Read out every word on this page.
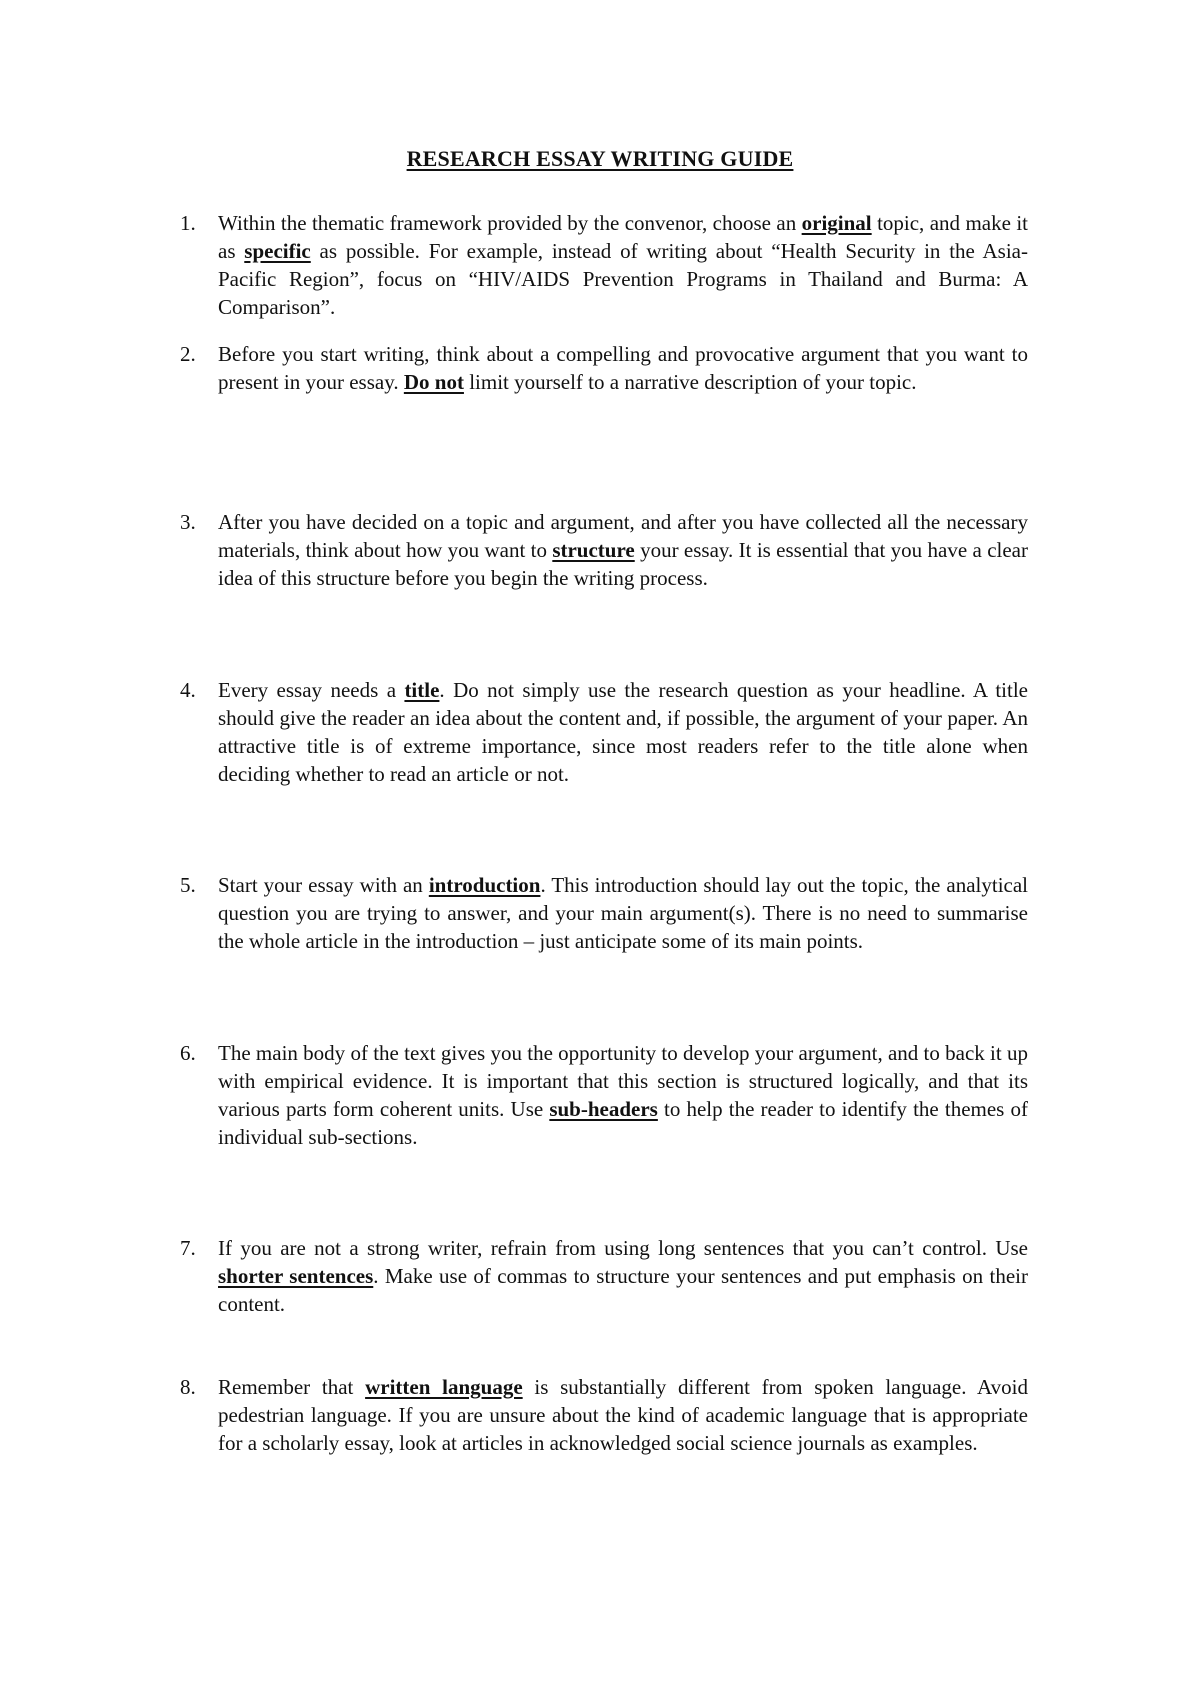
RESEARCH ESSAY WRITING GUIDE
1. Within the thematic framework provided by the convenor, choose an original topic, and make it as specific as possible. For example, instead of writing about “Health Security in the Asia-Pacific Region”, focus on “HIV/AIDS Prevention Programs in Thailand and Burma: A Comparison”.
2. Before you start writing, think about a compelling and provocative argument that you want to present in your essay. Do not limit yourself to a narrative description of your topic.
3. After you have decided on a topic and argument, and after you have collected all the necessary materials, think about how you want to structure your essay. It is essential that you have a clear idea of this structure before you begin the writing process.
4. Every essay needs a title. Do not simply use the research question as your headline. A title should give the reader an idea about the content and, if possible, the argument of your paper. An attractive title is of extreme importance, since most readers refer to the title alone when deciding whether to read an article or not.
5. Start your essay with an introduction. This introduction should lay out the topic, the analytical question you are trying to answer, and your main argument(s). There is no need to summarise the whole article in the introduction – just anticipate some of its main points.
6. The main body of the text gives you the opportunity to develop your argument, and to back it up with empirical evidence. It is important that this section is structured logically, and that its various parts form coherent units. Use sub-headers to help the reader to identify the themes of individual sub-sections.
7. If you are not a strong writer, refrain from using long sentences that you can’t control. Use shorter sentences. Make use of commas to structure your sentences and put emphasis on their content.
8. Remember that written language is substantially different from spoken language. Avoid pedestrian language. If you are unsure about the kind of academic language that is appropriate for a scholarly essay, look at articles in acknowledged social science journals as examples.
